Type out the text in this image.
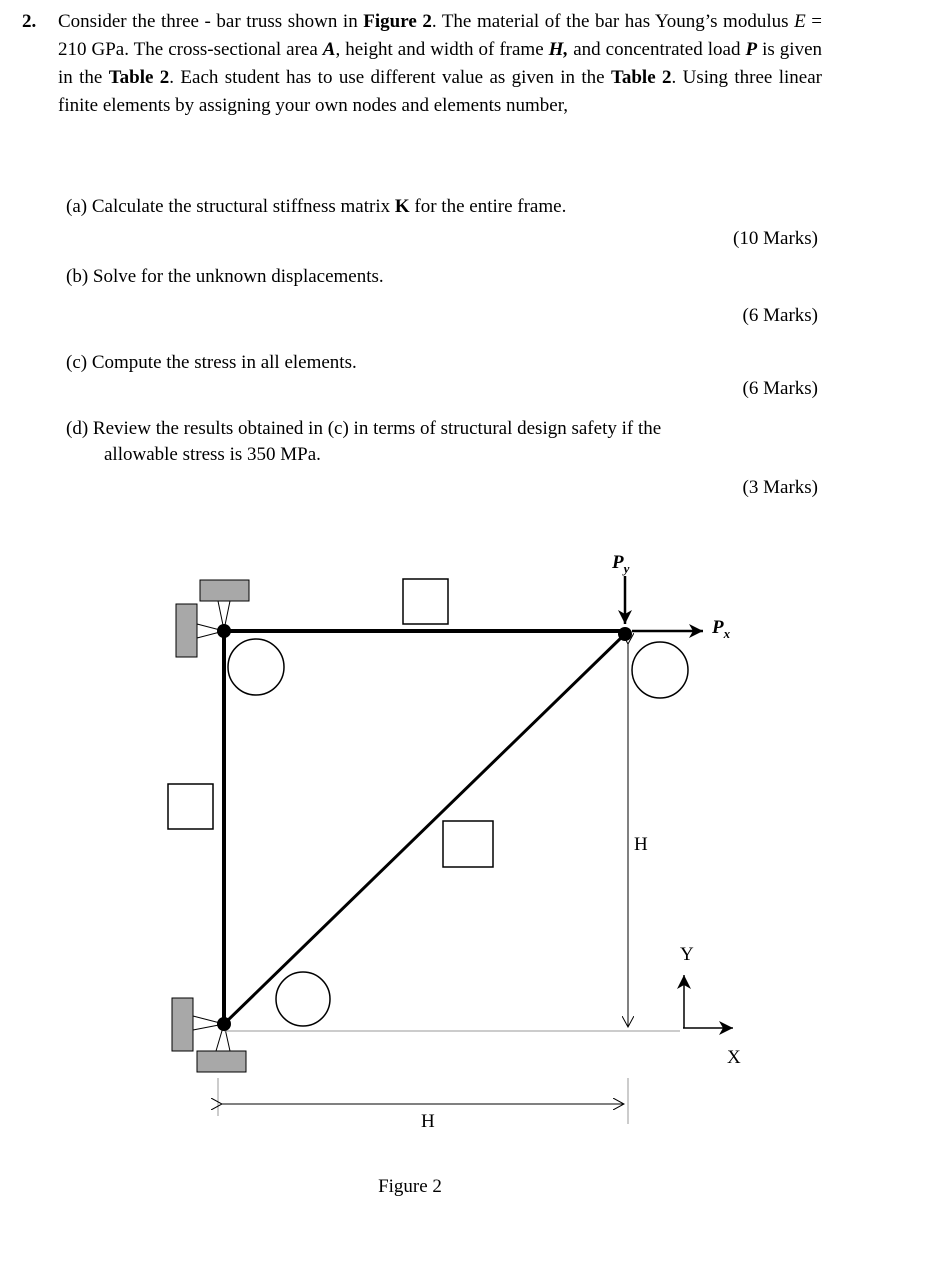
2. Consider the three - bar truss shown in Figure 2. The material of the bar has Young’s modulus E = 210 GPa. The cross-sectional area A, height and width of frame H, and concentrated load P is given in the Table 2. Each student has to use different value as given in the Table 2. Using three linear finite elements by assigning your own nodes and elements number,
(a) Calculate the structural stiffness matrix K for the entire frame.
(10 Marks)
(b) Solve for the unknown displacements.
(6 Marks)
(c) Compute the stress in all elements.
(6 Marks)
(d) Review the results obtained in (c) in terms of structural design safety if the
allowable stress is 350 MPa.
(3 Marks)
$P_y$
$P_x$
H
H
Y
X
Figure 2
